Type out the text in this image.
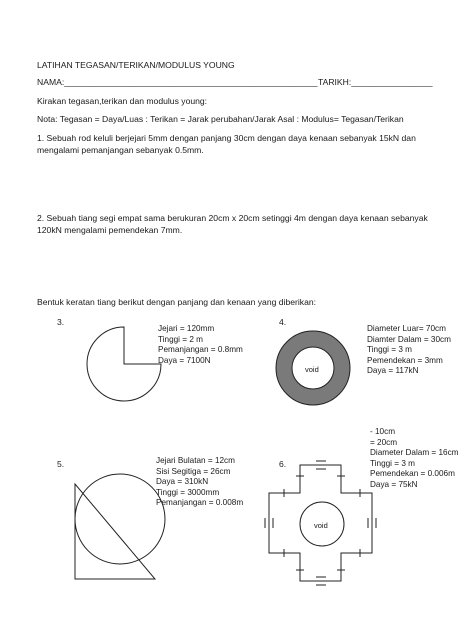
LATIHAN TEGASAN/TERIKAN/MODULUS YOUNG
NAMA:_____________________________________________________ TARIKH:_________________
Kirakan tegasan,terikan dan modulus young:
Nota: Tegasan = Daya/Luas : Terikan = Jarak perubahan/Jarak Asal : Modulus= Tegasan/Terikan
1. Sebuah rod keluli berjejari 5mm dengan panjang 30cm dengan daya kenaan sebanyak 15kN dan
mengalami pemanjangan sebanyak 0.5mm.
2. Sebuah tiang segi empat sama berukuran 20cm x 20cm setinggi 4m dengan daya kenaan sebanyak
120kN mengalami pemendekan 7mm.
Bentuk keratan tiang berikut dengan panjang dan kenaan yang diberikan:
3.
Jejari = 120mm
Tinggi = 2 m
Pemanjangan = 0.8mm
Daya = 7100N
4.
void
Diameter Luar= 70cm
Diamter Dalam = 30cm
Tinggi = 3 m
Pemendekan = 3mm
Daya = 117kN
5.	Jejari Bulatan = 12cm
Sisi Segitiga = 26cm
Daya = 310kN
Tinggi = 3000mm
Pemanjangan = 0.008m
6.
void
- 10cm
= 20cm
Diameter Dalam = 16cm
Tinggi = 3 m
Pemendekan = 0.006m
Daya = 75kN
